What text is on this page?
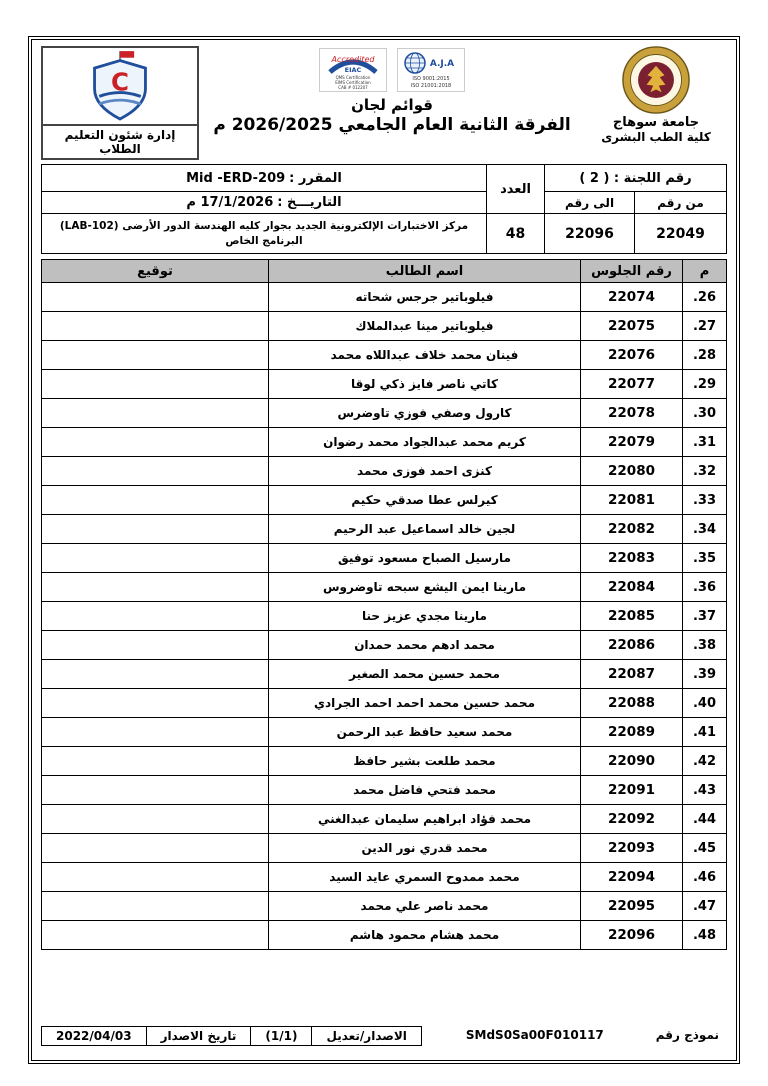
جامعة سوهاج
كلية الطب البشرى
Accredited
EIAC
QMS Certification
EIMS Certification
CAB # 012207
A.J.A
ISO 9001:2015
ISO 21001:2018
قوائم لجان
الفرقة الثانية العام الجامعي 2026/2025 م
C
إدارة شئون التعليم الطلاب
رقم اللجنة : ( 2 )		العدد	المقرر :Mid -ERD-209
من رقم	الى رقم		التاريـــخ :17/1/2026 م
22049	22096	48	مركز الاختبارات الإلكترونية الجديد بجوار كليه الهندسة الدور الأرضى (LAB-102) البرنامج الخاص
م	رقم الجلوس	اسم الطالب	توقيع
26.	22074	فيلوباتير جرجس شحاته	
27.	22075	فيلوباتير مينا عبدالملاك	
28.	22076	فينان محمد خلاف عبداللاه محمد	
29.	22077	كاتي ناصر فايز ذكي لوقا	
30.	22078	كارول وصفي فوزي تاوضرس	
31.	22079	كريم محمد عبدالجواد محمد رضوان	
32.	22080	كنزى احمد فوزى محمد	
33.	22081	كيرلس عطا صدقي حكيم	
34.	22082	لجين خالد اسماعيل عبد الرحيم	
35.	22083	مارسيل الصباح مسعود توفيق	
36.	22084	مارينا ايمن اليشع سبحه تاوضروس	
37.	22085	مارينا مجدي عزيز حنا	
38.	22086	محمد ادهم محمد حمدان	
39.	22087	محمد حسين محمد الصغير	
40.	22088	محمد حسين محمد احمد احمد الجرادي	
41.	22089	محمد سعيد حافظ عبد الرحمن	
42.	22090	محمد طلعت بشير حافظ	
43.	22091	محمد فتحي فاضل محمد	
44.	22092	محمد فؤاد ابراهيم سليمان عبدالغني	
45.	22093	محمد قدري نور الدين	
46.	22094	محمد ممدوح السمري عايد السيد	
47.	22095	محمد ناصر علي محمد	
48.	22096	محمد هشام محمود هاشم	
نموذج رقم
SMdS0Sa00F010117
الاصدار/تعديل
(1/1)
تاريخ الاصدار
2022/04/03
